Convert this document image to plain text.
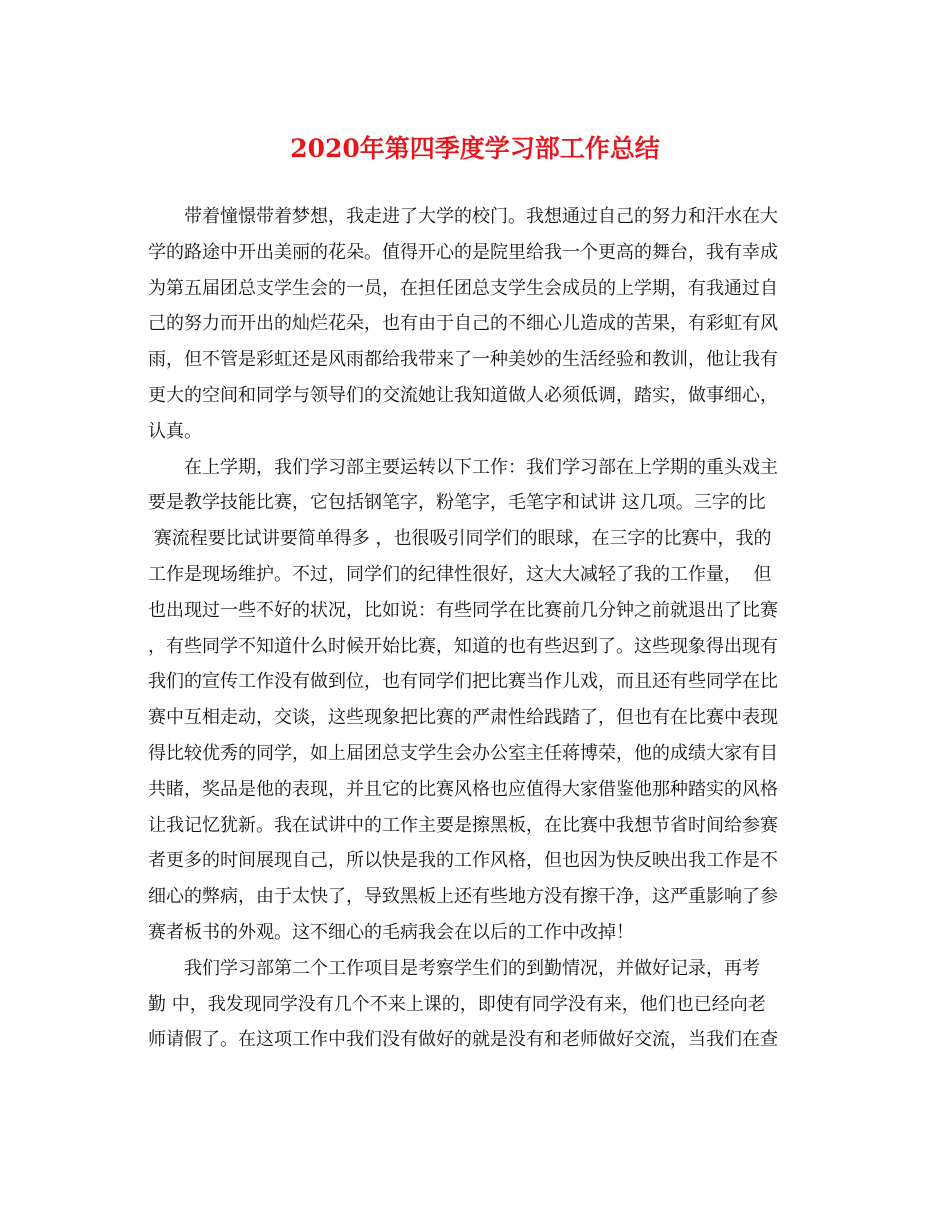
2020年第四季度学习部工作总结
　　带着憧憬带着梦想，我走进了大学的校门。我想通过自己的努力和汗水在大
学的路途中开出美丽的花朵。值得开心的是院里给我一个更高的舞台，我有幸成
为第五届团总支学生会的一员，在担任团总支学生会成员的上学期，有我通过自
己的努力而开出的灿烂花朵，也有由于自己的不细心儿造成的苦果，有彩虹有风
雨，但不管是彩虹还是风雨都给我带来了一种美妙的生活经验和教训，他让我有
更大的空间和同学与领导们的交流她让我知道做人必须低调，踏实，做事细心，
认真。
　　在上学期，我们学习部主要运转以下工作：我们学习部在上学期的重头戏主
要是教学技能比赛，它包括钢笔字，粉笔字，毛笔字和试讲 这几项。三字的比
赛流程要比试讲要简单得多 ，也很吸引同学们的眼球，在三字的比赛中，我的
工作是现场维护。不过，同学们的纪律性很好，这大大减轻了我的工作量，  但
也出现过一些不好的状况，比如说：有些同学在比赛前几分钟之前就退出了比赛
，有些同学不知道什么时候开始比赛，知道的也有些迟到了。这些现象得出现有
我们的宣传工作没有做到位，也有同学们把比赛当作儿戏，而且还有些同学在比
赛中互相走动，交谈，这些现象把比赛的严肃性给践踏了，但也有在比赛中表现
得比较优秀的同学，如上届团总支学生会办公室主任蒋博荣，他的成绩大家有目
共睹，奖品是他的表现，并且它的比赛风格也应值得大家借鉴他那种踏实的风格
让我记忆犹新。我在试讲中的工作主要是擦黑板，在比赛中我想节省时间给参赛
者更多的时间展现自己，所以快是我的工作风格，但也因为快反映出我工作是不
细心的弊病，由于太快了，导致黑板上还有些地方没有擦干净，这严重影响了参
赛者板书的外观。这不细心的毛病我会在以后的工作中改掉！
　　我们学习部第二个工作项目是考察学生们的到勤情况，并做好记录，再考
勤 中，我发现同学没有几个不来上课的，即使有同学没有来，他们也已经向老
师请假了。在这项工作中我们没有做好的就是没有和老师做好交流，当我们在查
